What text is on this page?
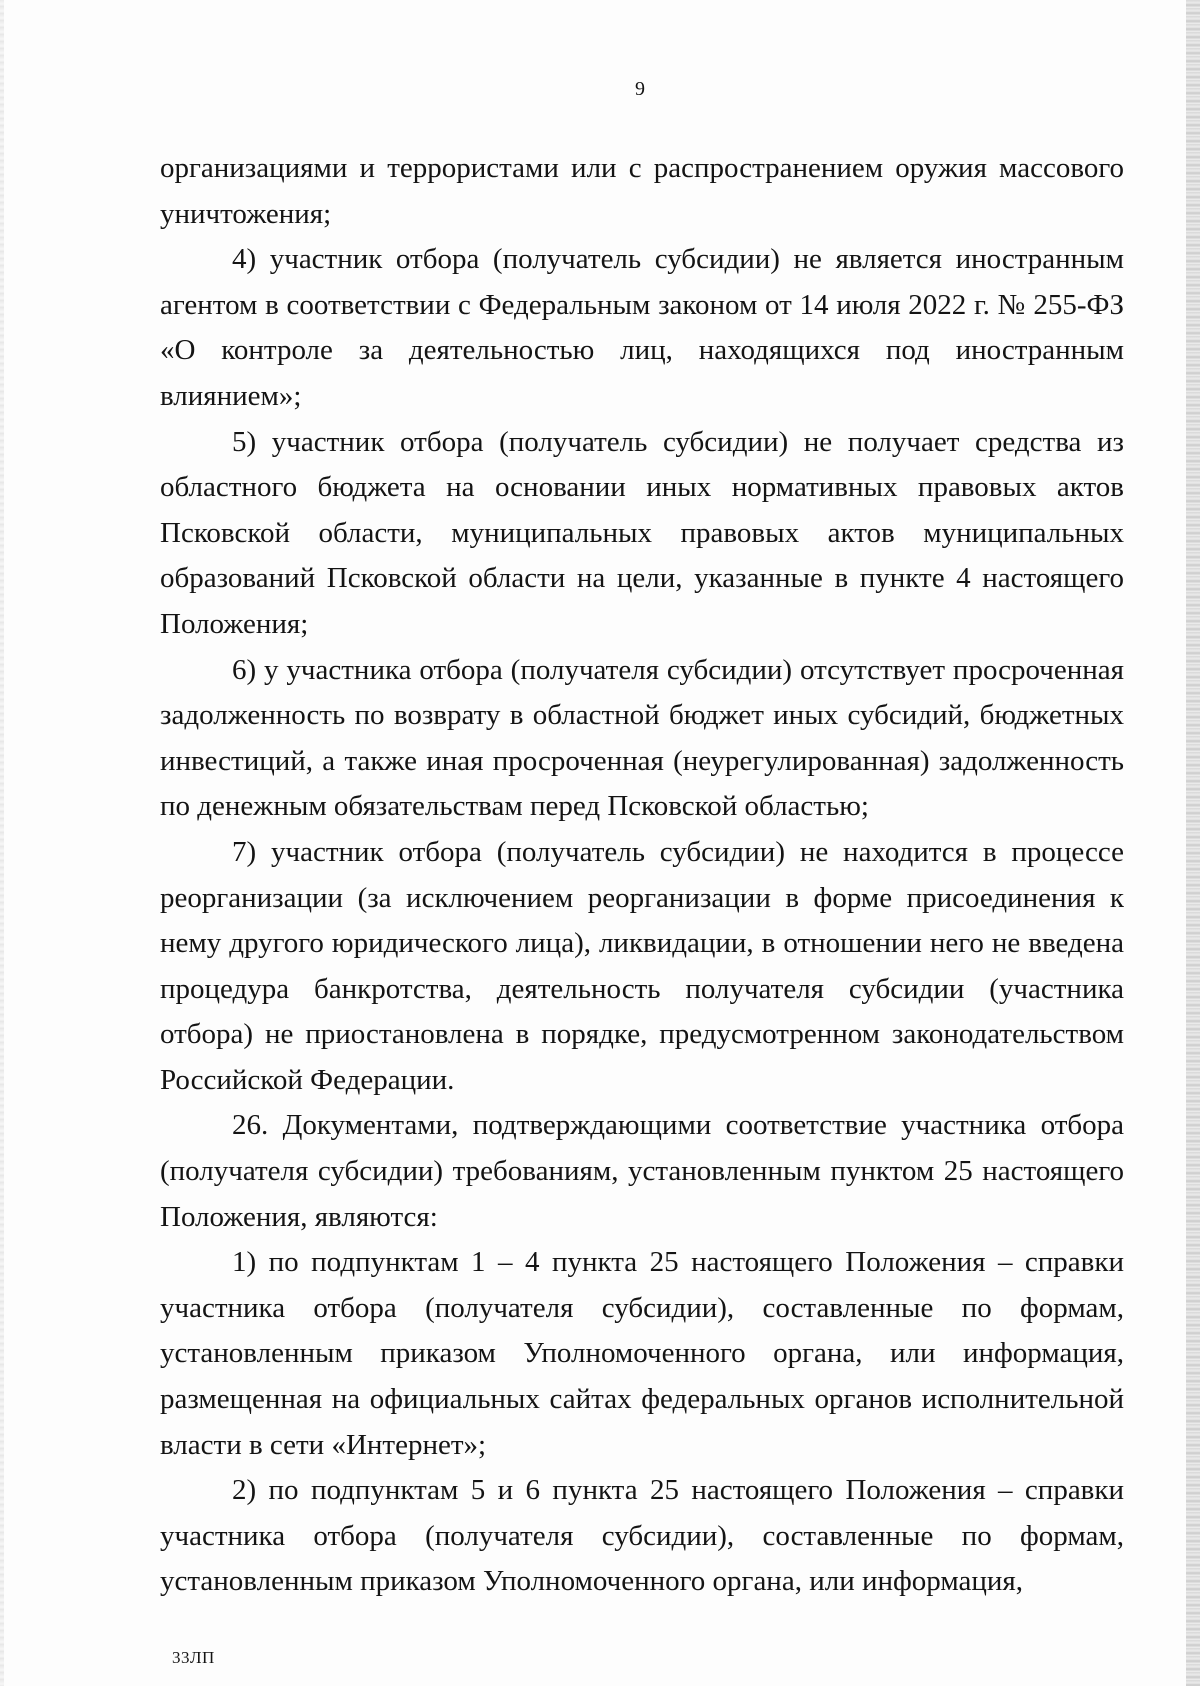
9

организациями и террористами или с распространением оружия массового уничтожения;

4) участник отбора (получатель субсидии) не является иностранным агентом в соответствии с Федеральным законом от 14 июля 2022 г. № 255-ФЗ «О контроле за деятельностью лиц, находящихся под иностранным влиянием»;

5) участник отбора (получатель субсидии) не получает средства из областного бюджета на основании иных нормативных правовых актов Псковской области, муниципальных правовых актов муниципальных образований Псковской области на цели, указанные в пункте 4 настоящего Положения;

6) у участника отбора (получателя субсидии) отсутствует просроченная задолженность по возврату в областной бюджет иных субсидий, бюджетных инвестиций, а также иная просроченная (неурегулированная) задолженность по денежным обязательствам перед Псковской областью;

7) участник отбора (получатель субсидии) не находится в процессе реорганизации (за исключением реорганизации в форме присоединения к нему другого юридического лица), ликвидации, в отношении него не введена процедура банкротства, деятельность получателя субсидии (участника отбора) не приостановлена в порядке, предусмотренном законодательством Российской Федерации.

26. Документами, подтверждающими соответствие участника отбора (получателя субсидии) требованиям, установленным пунктом 25 настоящего Положения, являются:

1) по подпунктам 1 – 4 пункта 25 настоящего Положения – справки участника отбора (получателя субсидии), составленные по формам, установленным приказом Уполномоченного органа, или информация, размещенная на официальных сайтах федеральных органов исполнительной власти в сети «Интернет»;

2) по подпунктам 5 и 6 пункта 25 настоящего Положения – справки участника отбора (получателя субсидии), составленные по формам, установленным приказом Уполномоченного органа, или информация,

33ЛП
